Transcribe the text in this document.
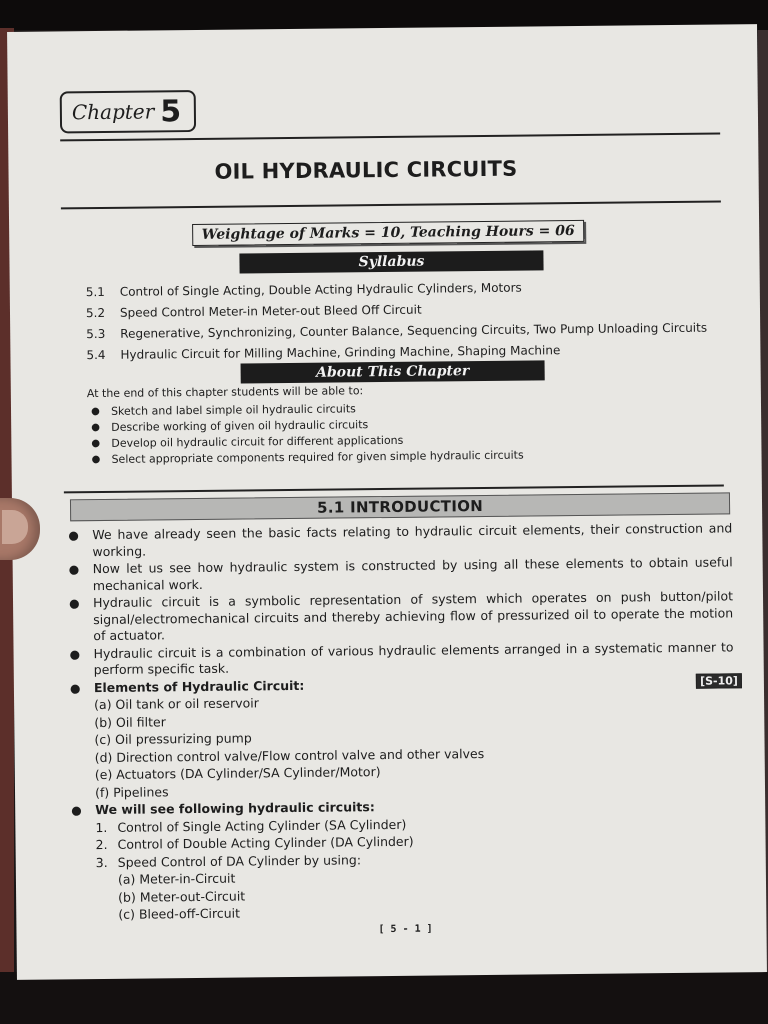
Chapter 5
OIL HYDRAULIC CIRCUITS
Weightage of Marks = 10, Teaching Hours = 06
Syllabus
5.1	Control of Single Acting, Double Acting Hydraulic Cylinders, Motors
5.2	Speed Control Meter-in Meter-out Bleed Off Circuit
5.3	Regenerative, Synchronizing, Counter Balance, Sequencing Circuits, Two Pump Unloading Circuits
5.4	Hydraulic Circuit for Milling Machine, Grinding Machine, Shaping Machine
About This Chapter
At the end of this chapter students will be able to:
●	Sketch and label simple oil hydraulic circuits
●	Describe working of given oil hydraulic circuits
●	Develop oil hydraulic circuit for different applications
●	Select appropriate components required for given simple hydraulic circuits
5.1 INTRODUCTION
●	We have already seen the basic facts relating to hydraulic circuit elements, their construction and working.
●	Now let us see how hydraulic system is constructed by using all these elements to obtain useful mechanical work.
●	Hydraulic circuit is a symbolic representation of system which operates on push button/pilot signal/electromechanical circuits and thereby achieving flow of pressurized oil to operate the motion of actuator.
●	Hydraulic circuit is a combination of various hydraulic elements arranged in a systematic manner to perform specific task.
●	Elements of Hydraulic Circuit:	[S-10]
(a) Oil tank or oil reservoir
(b) Oil filter
(c) Oil pressurizing pump
(d) Direction control valve/Flow control valve and other valves
(e) Actuators (DA Cylinder/SA Cylinder/Motor)
(f) Pipelines
●	We will see following hydraulic circuits:
1. Control of Single Acting Cylinder (SA Cylinder)
2. Control of Double Acting Cylinder (DA Cylinder)
3. Speed Control of DA Cylinder by using:
(a) Meter-in-Circuit
(b) Meter-out-Circuit
(c) Bleed-off-Circuit
[ 5 - 1 ]
